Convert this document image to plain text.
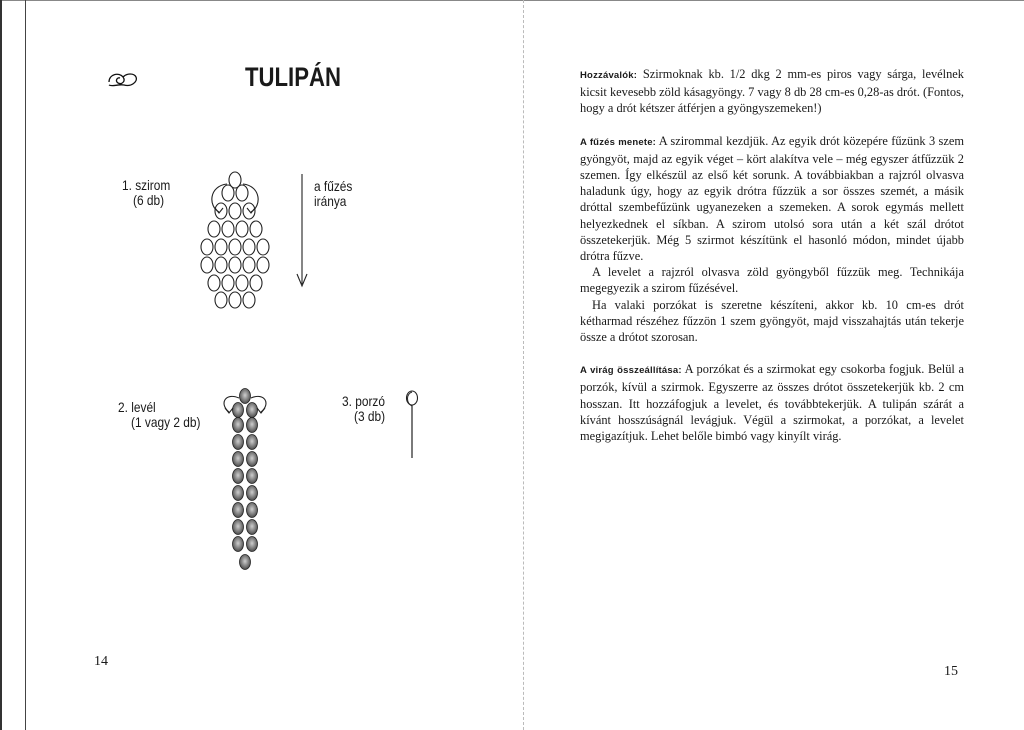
TULIPÁN
1. szirom
(6 db)
a fűzés
iránya
2. levél
(1 vagy 2 db)
3. porzó
(3 db)
14

Hozzávalók: Szirmoknak kb. 1/2 dkg 2 mm-es piros vagy sárga, levélnek kicsit kevesebb zöld kásagyöngy. 7 vagy 8 db 28 cm-es 0,28-as drót. (Fontos, hogy a drót kétszer átférjen a gyöngyszemeken!)

A fűzés menete: A szirommal kezdjük. Az egyik drót közepére fűzünk 3 szem gyöngyöt, majd az egyik véget – kört alakítva vele – még egyszer átfűzzük 2 szemen. Így elkészül az első két sorunk. A továbbiakban a rajzról olvasva haladunk úgy, hogy az egyik drótra fűzzük a sor összes szemét, a másik dróttal szembefűzünk ugyanezeken a szemeken. A sorok egymás mellett helyezkednek el síkban. A szirom utolsó sora után a két szál drótot összetekerjük. Még 5 szirmot készítünk el hasonló módon, mindet újabb drótra fűzve.

A levelet a rajzról olvasva zöld gyöngyből fűzzük meg. Technikája megegyezik a szirom fűzésével.

Ha valaki porzókat is szeretne készíteni, akkor kb. 10 cm-es drót kétharmad részéhez fűzzön 1 szem gyöngyöt, majd visszahajtás után tekerje össze a drótot szorosan.

A virág összeállítása: A porzókat és a szirmokat egy csokorba fogjuk. Belül a porzók, kívül a szirmok. Egyszerre az összes drótot összetekerjük kb. 2 cm hosszan. Itt hozzáfogjuk a levelet, és továbbtekerjük. A tulipán szárát a kívánt hosszúságnál levágjuk. Végül a szirmokat, a porzókat, a levelet megigazítjuk. Lehet belőle bimbó vagy kinyílt virág.

15
